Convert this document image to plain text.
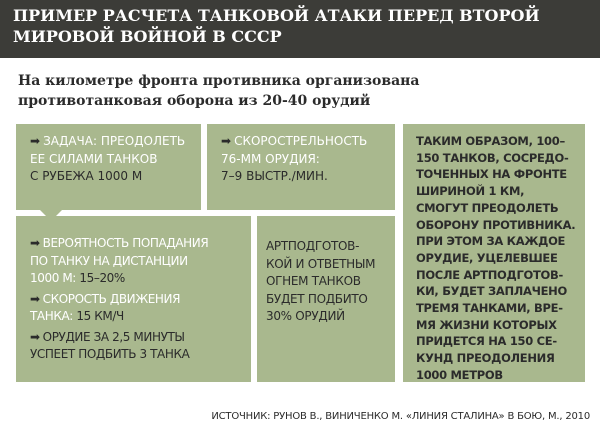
ПРИМЕР РАСЧЕТА ТАНКОВОЙ АТАКИ ПЕРЕД ВТОРОЙ МИРОВОЙ ВОЙНОЙ В СССР

На километре фронта противника организована противотанковая оборона из 20-40 орудий

➡ ЗАДАЧА: ПРЕОДОЛЕТЬ
ЕЕ СИЛАМИ ТАНКОВ
С РУБЕЖА 1000 М
➡ СКОРОСТРЕЛЬНОСТЬ
76-ММ ОРУДИЯ:
7–9 ВЫСТР./МИН.
➡ ВЕРОЯТНОСТЬ ПОПАДАНИЯ
ПО ТАНКУ НА ДИСТАНЦИИ
1000 М: 15–20%
➡ СКОРОСТЬ ДВИЖЕНИЯ
ТАНКА: 15 КМ/Ч
➡ ОРУДИЕ ЗА 2,5 МИНУТЫ
УСПЕЕТ ПОДБИТЬ 3 ТАНКА
АРТПОДГОТОВ-
КОЙ И ОТВЕТНЫМ
ОГНЕМ ТАНКОВ
БУДЕТ ПОДБИТО
30% ОРУДИЙ
ТАКИМ ОБРАЗОМ, 100–
150 ТАНКОВ, СОСРЕДО-
ТОЧЕННЫХ НА ФРОНТЕ
ШИРИНОЙ 1 КМ,
СМОГУТ ПРЕОДОЛЕТЬ
ОБОРОНУ ПРОТИВНИКА.
ПРИ ЭТОМ ЗА КАЖДОЕ
ОРУДИЕ, УЦЕЛЕВШЕЕ
ПОСЛЕ АРТПОДГОТОВ-
КИ, БУДЕТ ЗАПЛАЧЕНО
ТРЕМЯ ТАНКАМИ, ВРЕ-
МЯ ЖИЗНИ КОТОРЫХ
ПРИДЕТСЯ НА 150 СЕ-
КУНД ПРЕОДОЛЕНИЯ
1000 МЕТРОВ
ИСТОЧНИК: РУНОВ В., ВИНИЧЕНКО М. «ЛИНИЯ СТАЛИНА» В БОЮ, М., 2010
